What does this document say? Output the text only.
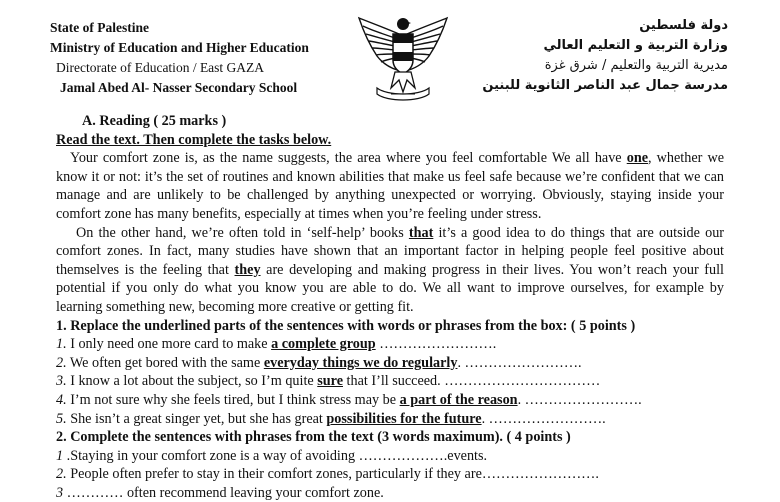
State of Palestine
Ministry of Education and Higher Education
Directorate of Education / East GAZA
Jamal Abed Al- Nasser Secondary School
دولة فلسطين
وزارة التربية و التعليم العالي
مديرية التربية والتعليم / شرق غزة
مدرسة جمال عبد الناصر الثانوية للبنين
A. Reading ( 25 marks )
Read the text. Then complete the tasks below.

Your comfort zone is, as the name suggests, the area where you feel comfortable We all have one, whether we know it or not: it’s the set of routines and known abilities that make us feel safe because we’re confident that we can manage and are unlikely to be challenged by anything unexpected or worrying. Obviously, staying inside your comfort zone has many benefits, especially at times when you’re feeling under stress.

On the other hand, we’re often told in ‘self-help’ books that it’s a good idea to do things that are outside our comfort zones. In fact, many studies have shown that an important factor in helping people feel positive about themselves is the feeling that they are developing and making progress in their lives. You won’t reach your full potential if you only do what you know you are able to do. We all want to improve ourselves, for example by learning something new, becoming more creative or getting fit.

1. Replace the underlined parts of the sentences with words or phrases from the box: ( 5 points )
1. I only need one more card to make a complete group …………………….
2. We often get bored with the same everyday things we do regularly. …………………….
3. I know a lot about the subject, so I’m quite sure that I’ll succeed. ……………………………
4. I’m not sure why she feels tired, but I think stress may be a part of the reason. …………………….
5. She isn’t a great singer yet, but she has great possibilities for the future. …………………….
2. Complete the sentences with phrases from the text (3 words maximum). ( 4 points )
1 .Staying in your comfort zone is a way of avoiding ……………….events.
2. People often prefer to stay in their comfort zones, particularly if they are…………………….
3 ………… often recommend leaving your comfort zone.
